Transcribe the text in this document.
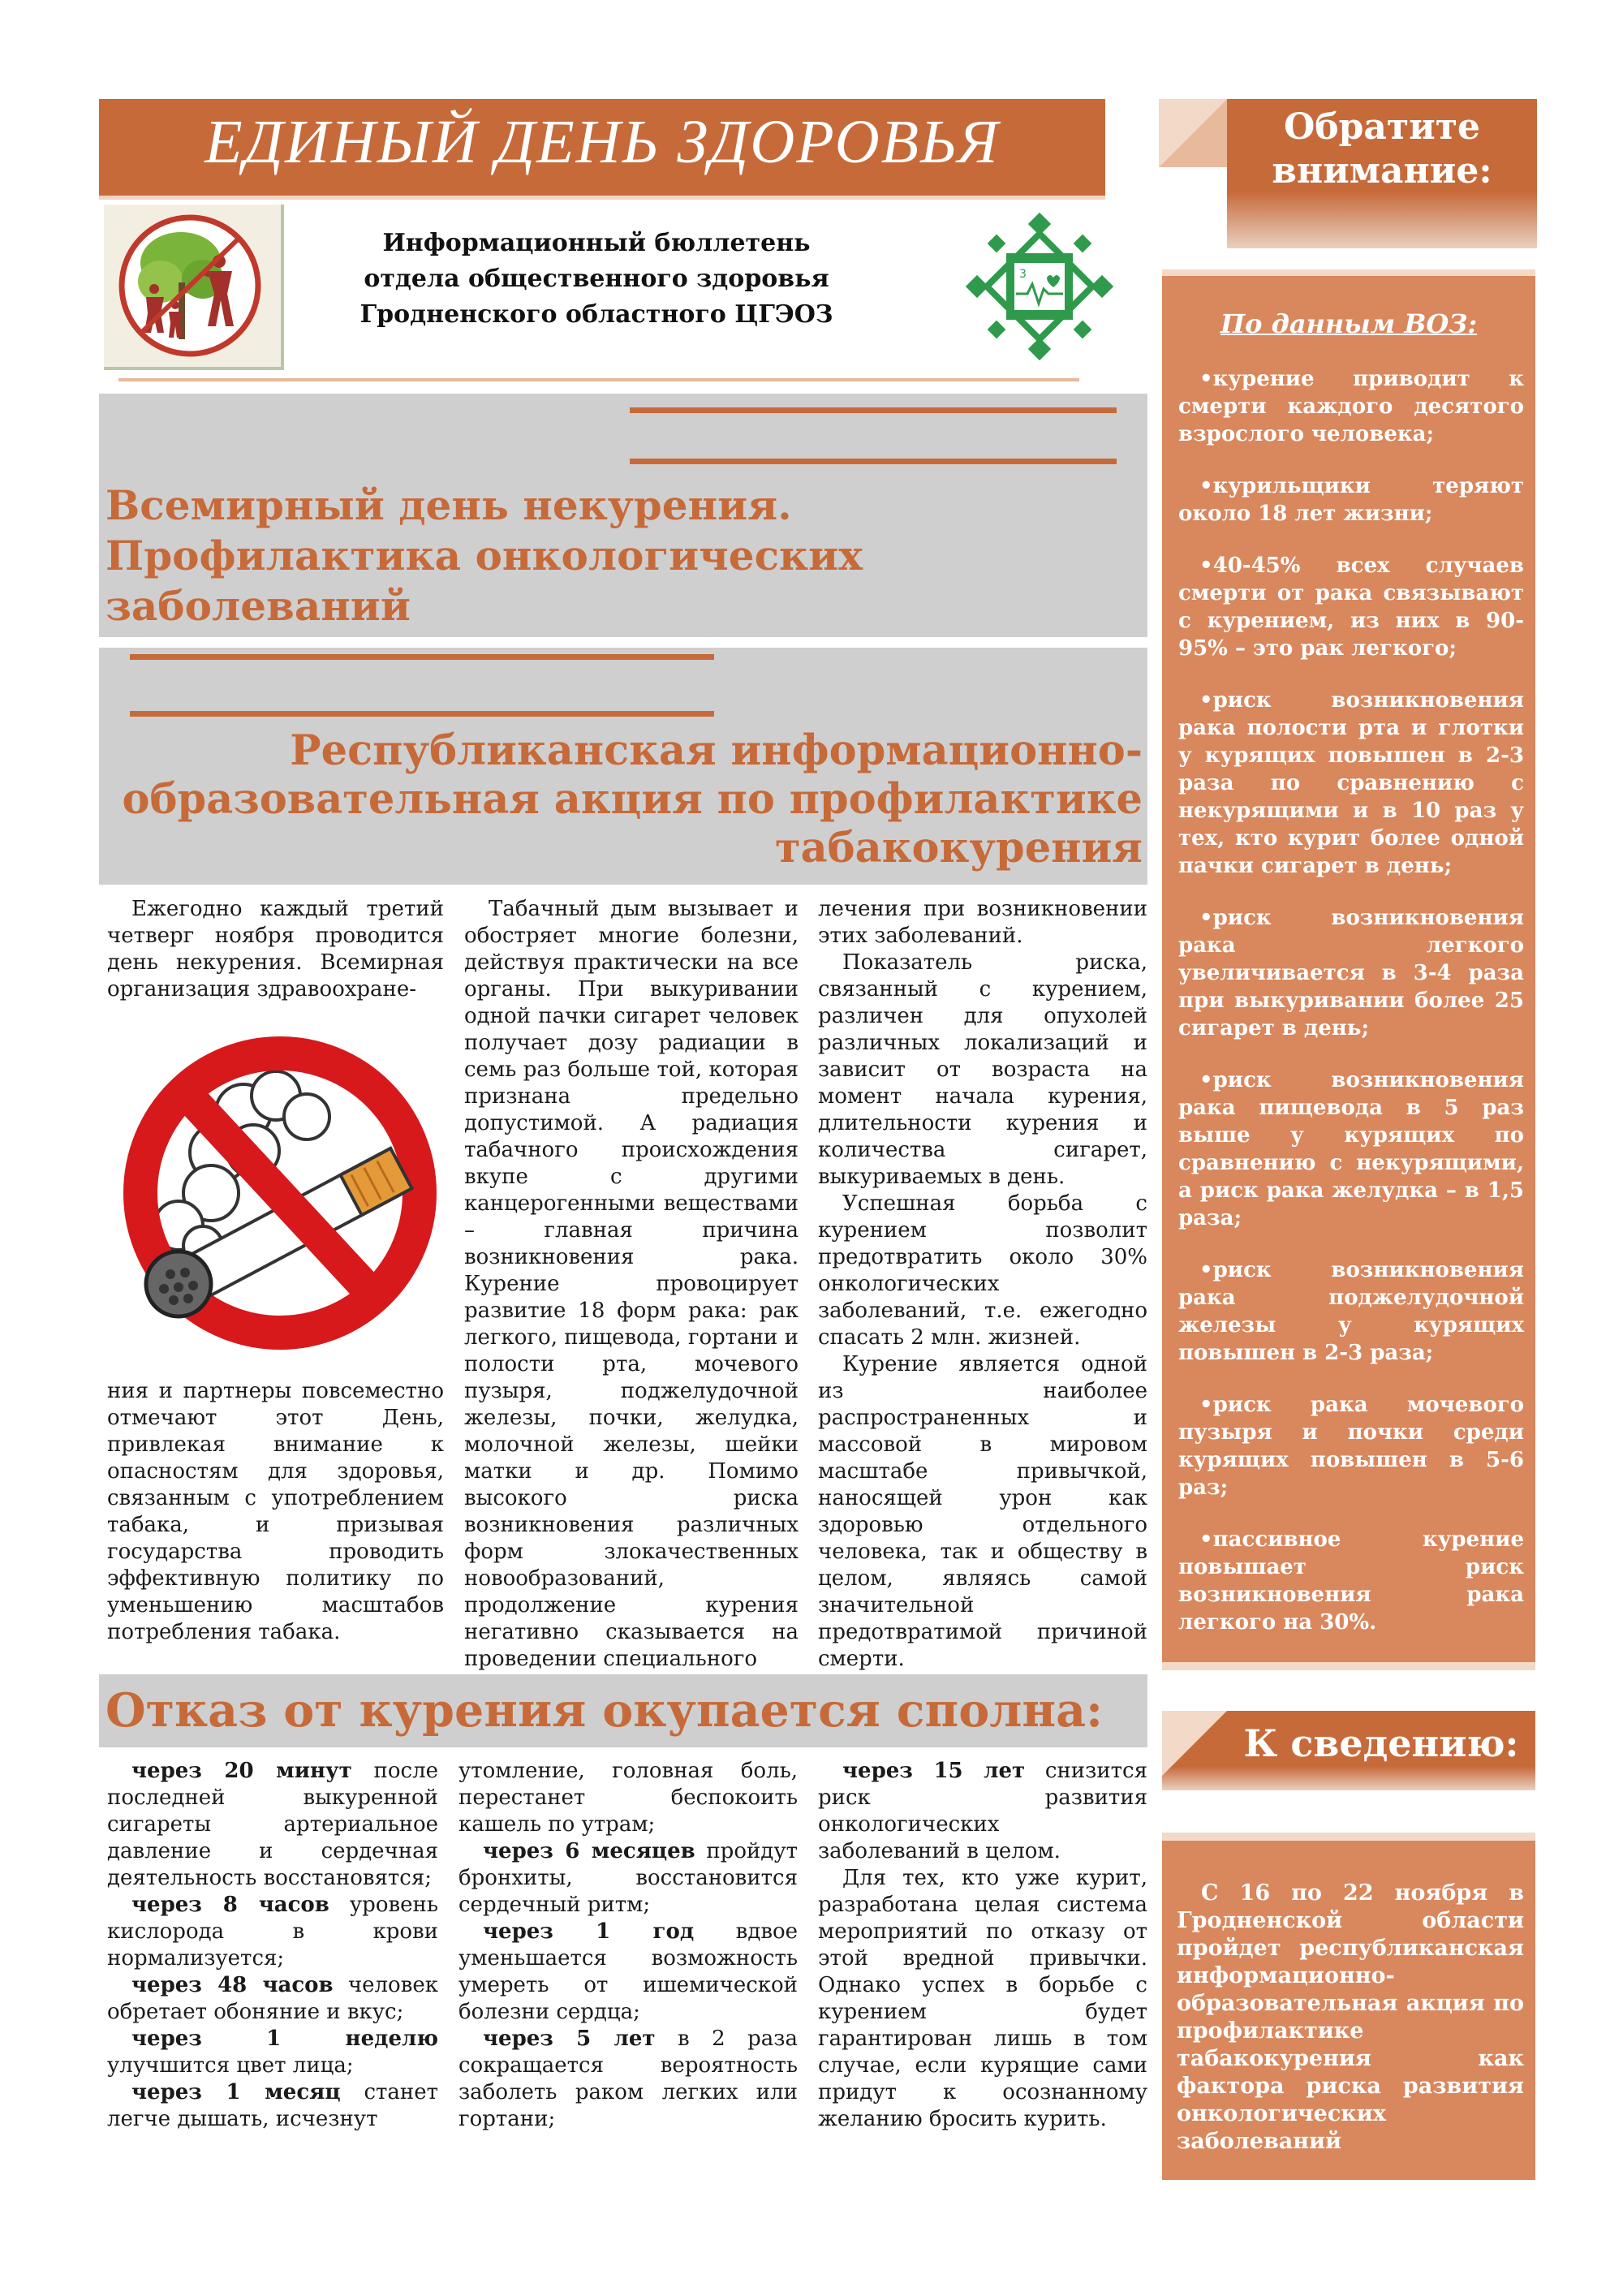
ЕДИНЫЙ ДЕНЬ ЗДОРОВЬЯ
Информационный бюллетень
отдела общественного здоровья
Гродненского областного ЦГЭОЗ
3
Всемирный день некурения.
Профилактика онкологических
заболеваний
Республиканская информационно-
образовательная акция по профилактике
табакокурения

Ежегодно каждый третий четверг ноября проводится день некурения. Всемирная организация здравоохране-

ния и партнеры повсеместно отмечают этот День, привлекая внимание к опасностям для здоровья, связанным с употреблением табака, и призывая государства проводить эффективную политику по уменьшению масштабов потребления табака.

Табачный дым вызывает и обостряет многие болезни, действуя практически на все органы. При выкуривании одной пачки сигарет человек получает дозу радиации в семь раз больше той, которая признана предельно допустимой. А радиация табачного происхождения вкупе с другими канцерогенными веществами – главная причина возникновения рака. Курение провоцирует развитие 18 форм рака: рак легкого, пищевода, гортани и полости рта, мочевого пузыря, поджелудочной железы, почки, желудка, молочной железы, шейки матки и др. Помимо высокого риска возникновения различных форм злокачественных новообразований, продолжение курения негативно сказывается на проведении специального

лечения при возникновении этих заболеваний.

Показатель риска, связанный с курением, различен для опухолей различных локализаций и зависит от возраста на момент начала курения, длительности курения и количества сигарет, выкуриваемых в день.

Успешная борьба с курением позволит предотвратить около 30% онкологических заболеваний, т.е. ежегодно спасать 2 млн. жизней.

Курение является одной из наиболее распространенных и массовой в мировом масштабе привычкой, наносящей урон как здоровью отдельного человека, так и обществу в целом, являясь самой значительной предотвратимой причиной смерти.

Отказ от курения окупается сполна:

через 20 минут после последней выкуренной сигареты артериальное давление и сердечная деятельность восстановятся;

через 8 часов уровень кислорода в крови нормализуется;

через 48 часов человек обретает обоняние и вкус;

через 1 неделю улучшится цвет лица;

через 1 месяц станет легче дышать, исчезнут

утомление, головная боль, перестанет беспокоить кашель по утрам;

через 6 месяцев пройдут бронхиты, восстановится сердечный ритм;

через 1 год вдвое уменьшается возможность умереть от ишемической болезни сердца;

через 5 лет в 2 раза сокращается вероятность заболеть раком легких или гортани;

через 15 лет снизится риск развития онкологических заболеваний в целом.

Для тех, кто уже курит, разработана целая система мероприятий по отказу от этой вредной привычки. Однако успех в борьбе с курением будет гарантирован лишь в том случае, если курящие сами придут к осознанному желанию бросить курить.

Обратите
внимание:
По данным ВОЗ:

•курение приводит к смерти каждого десятого взрослого человека;

•курильщики теряют около 18 лет жизни;

•40-45% всех случаев смерти от рака связывают с курением, из них в 90-95% – это рак легкого;

•риск возникновения рака полости рта и глотки у курящих повышен в 2-3 раза по сравнению с некурящими и в 10 раз у тех, кто курит более одной пачки сигарет в день;

•риск возникновения рака легкого увеличивается в 3-4 раза при выкуривании более 25 сигарет в день;

•риск возникновения рака пищевода в 5 раз выше у курящих по сравнению с некурящими, а риск рака желудка – в 1,5 раза;

•риск возникновения рака поджелудочной железы у курящих повышен в 2-3 раза;

•риск рака мочевого пузыря и почки среди курящих повышен в 5-6 раз;

•пассивное курение повышает риск возникновения рака легкого на 30%.

К сведению:

С 16 по 22 ноября в Гродненской области пройдет республиканская информационно-образовательная акция по профилактике табакокурения как фактора риска развития онкологических заболеваний
